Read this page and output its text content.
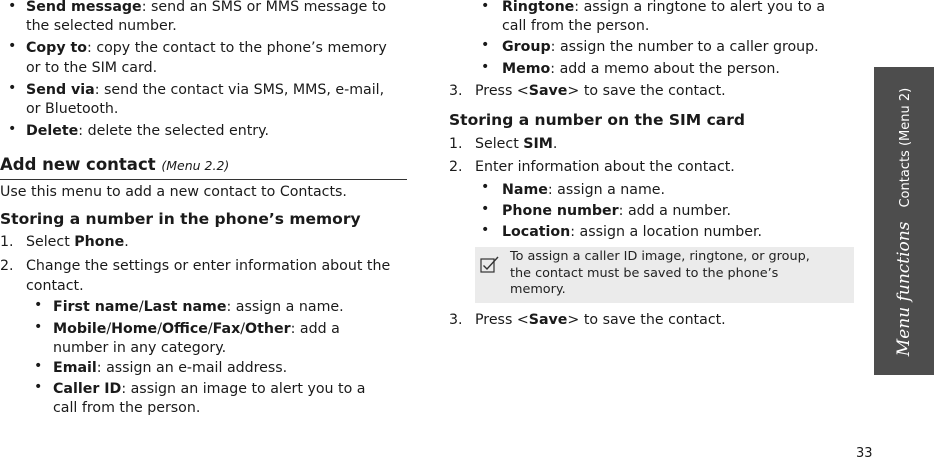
• Send message: send an SMS or MMS message to
the selected number.
• Copy to: copy the contact to the phone’s memory
or to the SIM card.
• Send via: send the contact via SMS, MMS, e-mail,
or Bluetooth.
• Delete: delete the selected entry.
Add new contact (Menu 2.2)
Use this menu to add a new contact to Contacts.
Storing a number in the phone’s memory
1. Select Phone.
2. Change the settings or enter information about the
contact.
• First name/Last name: assign a name.
• Mobile/Home/Office/Fax/Other: add a
number in any category.
• Email: assign an e-mail address.
• Caller ID: assign an image to alert you to a
call from the person.
• Ringtone: assign a ringtone to alert you to a
call from the person.
• Group: assign the number to a caller group.
• Memo: add a memo about the person.
3. Press <Save> to save the contact.
Storing a number on the SIM card
1. Select SIM.
2. Enter information about the contact.
• Name: assign a name.
• Phone number: add a number.
• Location: assign a location number.
To assign a caller ID image, ringtone, or group,
the contact must be saved to the phone’s
memory.
3. Press <Save> to save the contact.	Menu functionsContacts (Menu 2)
33
